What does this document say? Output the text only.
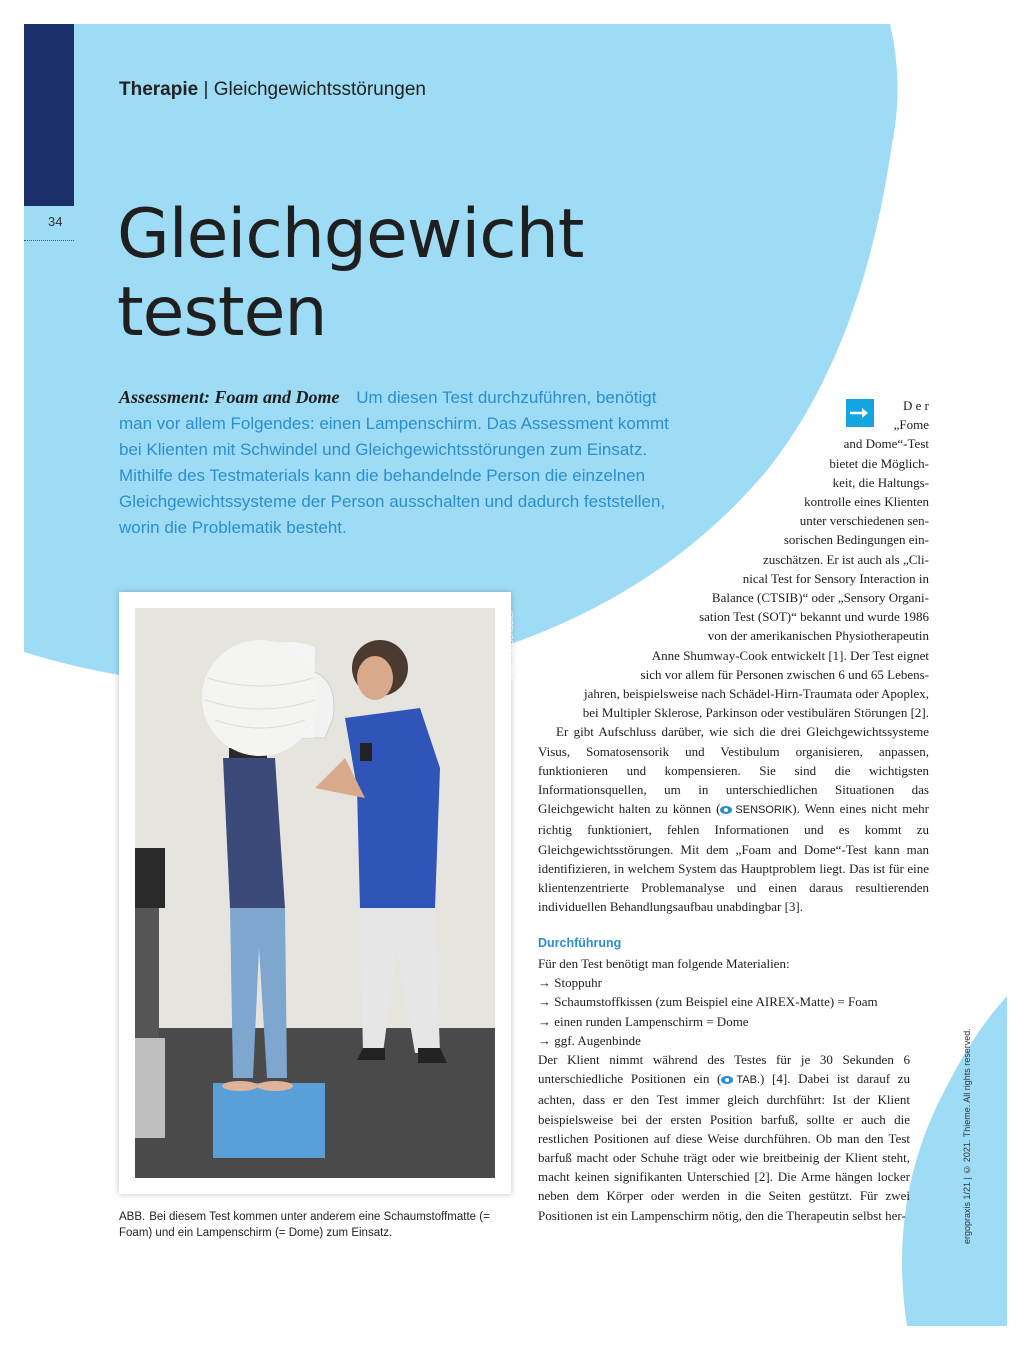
34
Therapie | Gleichgewichtsstörungen
Gleichgewicht
testen
Assessment: Foam and Dome Um diesen Test durchzuführen, benötigt man vor allem Folgendes: einen Lampenschirm. Das Assessment kommt bei Klienten mit Schwindel und Gleichgewichtsstörungen zum Einsatz. Mithilfe des Testmaterials kann die behandelnde Person die einzelnen Gleichgewichtssysteme der Person ausschalten und dadurch feststellen, worin die Problematik besteht.
Abb.: S. Schädler
ABB. Bei diesem Test kommen unter anderem eine Schaumstoffmatte (= Foam) und ein Lampenschirm (= Dome) zum Einsatz.

D e r

„Fome

and Dome“-Test

bietet die Möglich-

keit, die Haltungs-

kontrolle eines Klienten

unter verschiedenen sen-

sorischen Bedingungen ein-

zuschätzen. Er ist auch als „Cli-

nical Test for Sensory Interaction in

Balance (CTSIB)“ oder „Sensory Organi-

sation Test (SOT)“ bekannt und wurde 1986

von der amerikanischen Physiotherapeutin

Anne Shumway-Cook entwickelt [1]. Der Test eignet

sich vor allem für Personen zwischen 6 und 65 Lebens-

jahren, beispielsweise nach Schädel-Hirn-Traumata oder Apoplex,

bei Multipler Sklerose, Parkinson oder vestibulären Störungen [2].

Er gibt Aufschluss darüber, wie sich die drei Gleichgewichtssysteme Visus, Somatosensorik und Vestibulum organisieren, anpassen, funktionieren und kompensieren. Sie sind die wichtigsten Informationsquellen, um in unterschiedlichen Situationen das Gleichgewicht halten zu können ( SENSORIK). Wenn eines nicht mehr richtig funktioniert, fehlen Informationen und es kommt zu Gleichgewichtsstörungen. Mit dem „Foam and Dome“-Test kann man identifizieren, in welchem System das Hauptproblem liegt. Das ist für eine klientenzentrierte Problemanalyse und einen daraus resultierenden individuellen Behandlungsaufbau unabdingbar [3].

Durchführung

Für den Test benötigt man folgende Materialien:

→ Stoppuhr
→ Schaumstoffkissen (zum Beispiel eine AIREX-Matte) = Foam
→ einen runden Lampenschirm = Dome
→ ggf. Augenbinde

Der Klient nimmt während des Testes für je 30 Sekunden 6 unterschiedliche Positionen ein ( TAB.) [4]. Dabei ist darauf zu achten, dass er den Test immer gleich durchführt: Ist der Klient beispielsweise bei der ersten Position barfuß, sollte er auch die restlichen Positionen auf diese Weise durchführen. Ob man den Test barfuß macht oder Schuhe trägt oder wie breitbeinig der Klient steht, macht keinen signifikanten Unterschied [2]. Die Arme hängen locker neben dem Körper oder werden in die Seiten gestützt. Für zwei Positionen ist ein Lampenschirm nötig, den die Therapeutin selbst her-	ergopraxis 1/21 | © 2021. Thieme. All rights reserved.
